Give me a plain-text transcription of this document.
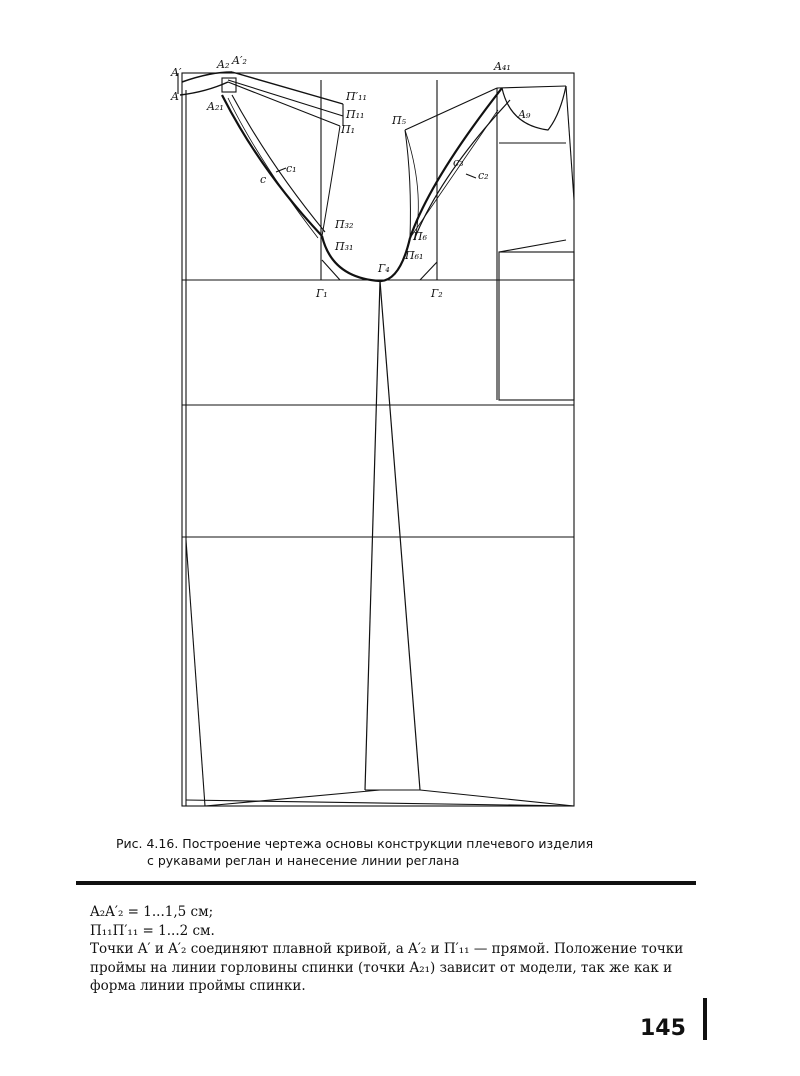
A′
A
A₂ A′₂
A₂₁
П′₁₁
П₁₁
П₁
c₁
c
П₃₂
П₃₁
Г₄
Г₁	Г₂
A₄₁
A₉
П₅
c₃
c₂
П₆
П₆₁
Рис. 4.16. Построение чертежа основы конструкции плечевого изделия
с рукавами реглан и нанесение линии реглана

A₂A′₂ = 1...1,5 см;

П₁₁П′₁₁ = 1...2 см.

Точки A′ и A′₂ соединяют плавной кривой, а A′₂ и П′₁₁ — прямой. Положение точки проймы на линии горловины спинки (точки A₂₁) зависит от модели, так же как и форма линии проймы спинки.

145
